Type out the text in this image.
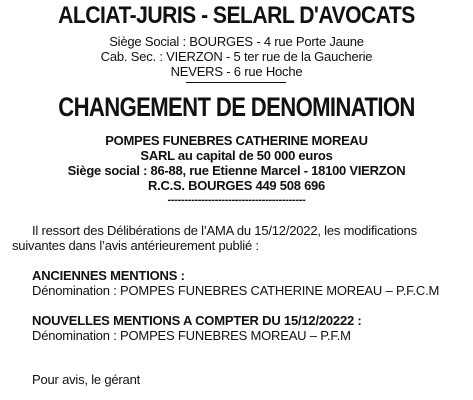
ALCIAT-JURIS - SELARL D'AVOCATS
Siège Social : BOURGES - 4 rue Porte Jaune
Cab. Sec. : VIERZON - 5 ter rue de la Gaucherie
NEVERS - 6 rue Hoche
CHANGEMENT DE DENOMINATION
POMPES FUNEBRES CATHERINE MOREAU
SARL au capital de 50 000 euros
Siège social : 86-88, rue Etienne Marcel - 18100 VIERZON
R.C.S. BOURGES 449 508 696
-----------------------------------------
Il ressort des Délibérations de l’AMA du 15/12/2022, les modifications suivantes dans l’avis antérieurement publié :
ANCIENNES MENTIONS :
Dénomination : POMPES FUNEBRES CATHERINE MOREAU – P.F.C.M
NOUVELLES MENTIONS A COMPTER DU 15/12/20222 :
Dénomination : POMPES FUNEBRES MOREAU – P.F.M
Pour avis, le gérant
